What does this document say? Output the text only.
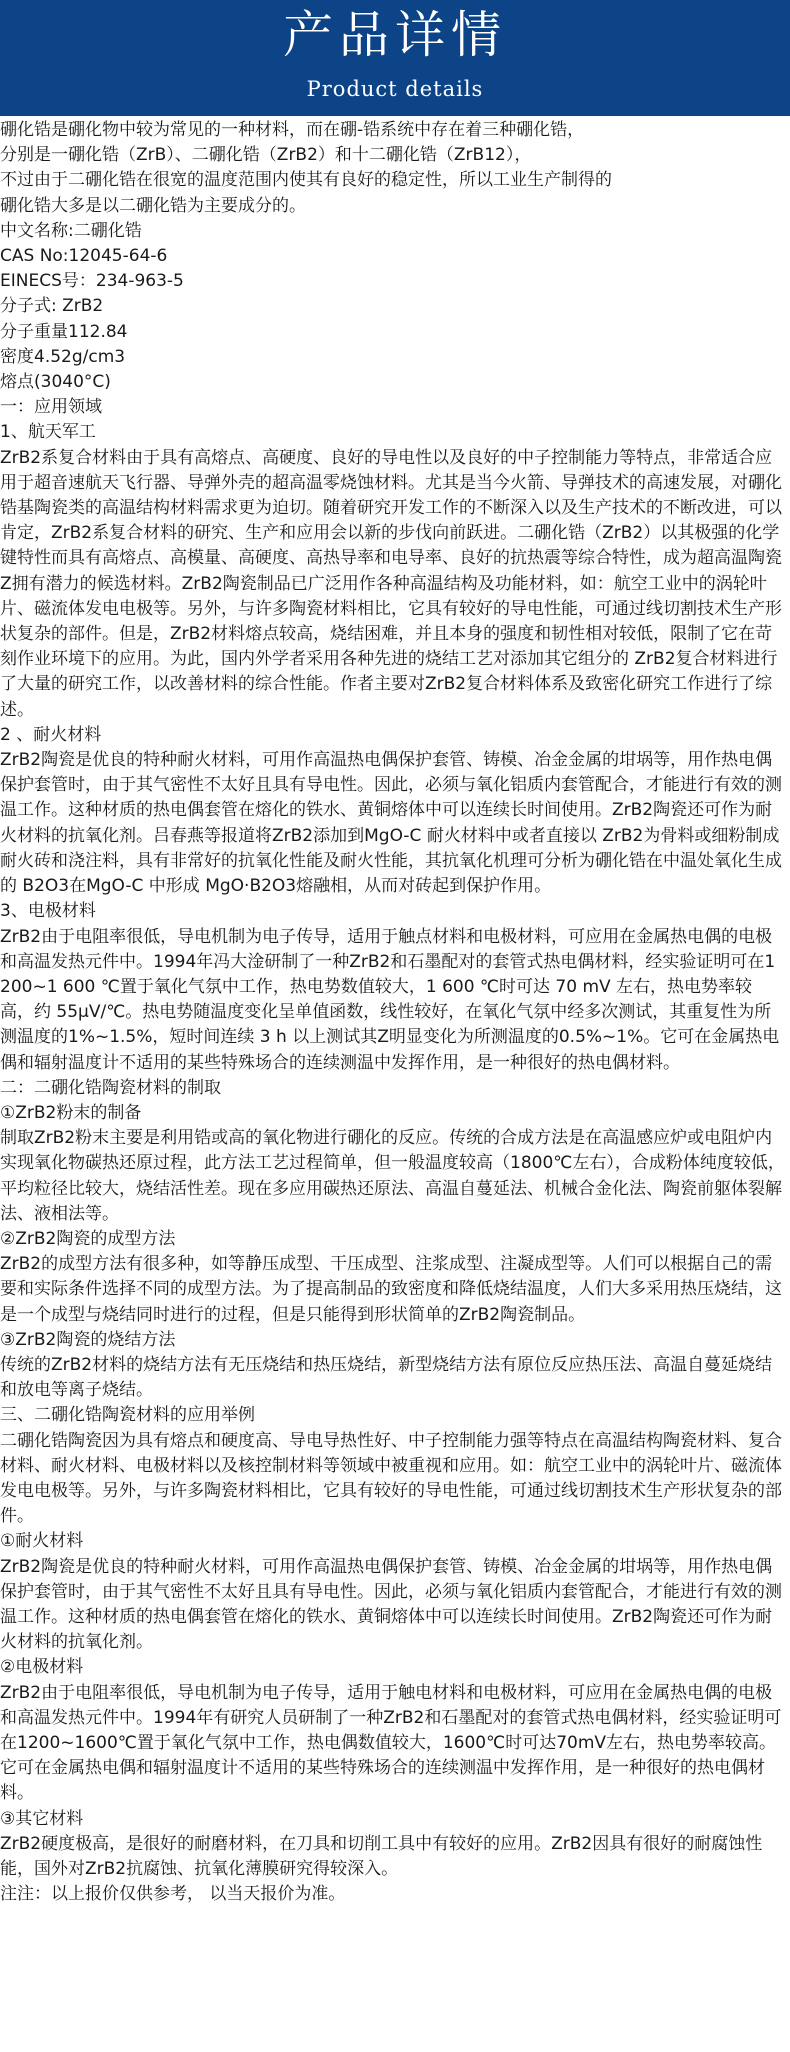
产品详情
Product details

硼化锆是硼化物中较为常见的一种材料，而在硼-锆系统中存在着三种硼化锆，

分别是一硼化锆（ZrB）、二硼化锆（ZrB2）和十二硼化锆（ZrB12），

不过由于二硼化锆在很宽的温度范围内使其有良好的稳定性，所以工业生产制得的

硼化锆大多是以二硼化锆为主要成分的。

中文名称:二硼化锆

CAS No:12045-64-6

EINECS号：234-963-5

分子式: ZrB2

分子重量112.84

密度4.52g/cm3

熔点(3040°C)

一：应用领域

1、航天军工

ZrB2系复合材料由于具有高熔点、高硬度、良好的导电性以及良好的中子控制能力等特点，非常适合应用于超音速航天飞行器、导弹外壳的超高温零烧蚀材料。尤其是当今火箭、导弹技术的高速发展，对硼化锆基陶瓷类的高温结构材料需求更为迫切。随着研究开发工作的不断深入以及生产技术的不断改进，可以肯定，ZrB2系复合材料的研究、生产和应用会以新的步伐向前跃进。二硼化锆（ZrB2）以其极强的化学键特性而具有高熔点、高模量、高硬度、高热导率和电导率、良好的抗热震等综合特性，成为超高温陶瓷Z拥有潜力的候选材料。ZrB2陶瓷制品已广泛用作各种高温结构及功能材料，如：航空工业中的涡轮叶片、磁流体发电电极等。另外，与许多陶瓷材料相比，它具有较好的导电性能，可通过线切割技术生产形状复杂的部件。但是，ZrB2材料熔点较高，烧结困难，并且本身的强度和韧性相对较低，限制了它在苛刻作业环境下的应用。为此，国内外学者采用各种先进的烧结工艺对添加其它组分的 ZrB2复合材料进行了大量的研究工作，以改善材料的综合性能。作者主要对ZrB2复合材料体系及致密化研究工作进行了综述。

2 、耐火材料

ZrB2陶瓷是优良的特种耐火材料，可用作高温热电偶保护套管、铸模、冶金金属的坩埚等，用作热电偶保护套管时，由于其气密性不太好且具有导电性。因此，必须与氧化铝质内套管配合，才能进行有效的测温工作。这种材质的热电偶套管在熔化的铁水、黄铜熔体中可以连续长时间使用。ZrB2陶瓷还可作为耐火材料的抗氧化剂。吕春燕等报道将ZrB2添加到MgO-C 耐火材料中或者直接以 ZrB2为骨料或细粉制成耐火砖和浇注料，具有非常好的抗氧化性能及耐火性能，其抗氧化机理可分析为硼化锆在中温处氧化生成的 B2O3在MgO-C 中形成 MgO·B2O3熔融相，从而对砖起到保护作用。

3、电极材料

ZrB2由于电阻率很低，导电机制为电子传导，适用于触点材料和电极材料，可应用在金属热电偶的电极和高温发热元件中。1994年冯大淦研制了一种ZrB2和石墨配对的套管式热电偶材料，经实验证明可在1 200~1 600 ℃置于氧化气氛中工作，热电势数值较大，1 600 ℃时可达 70 mV 左右，热电势率较高，约 55μV/℃。热电势随温度变化呈单值函数，线性较好，在氧化气氛中经多次测试，其重复性为所测温度的1%~1.5%，短时间连续 3 h 以上测试其Z明显变化为所测温度的0.5%~1%。它可在金属热电偶和辐射温度计不适用的某些特殊场合的连续测温中发挥作用，是一种很好的热电偶材料。

二：二硼化锆陶瓷材料的制取

①ZrB2粉末的制备

制取ZrB2粉末主要是利用锆或高的氧化物进行硼化的反应。传统的合成方法是在高温感应炉或电阻炉内实现氧化物碳热还原过程，此方法工艺过程简单，但一般温度较高（1800℃左右），合成粉体纯度较低，平均粒径比较大，烧结活性差。现在多应用碳热还原法、高温自蔓延法、机械合金化法、陶瓷前躯体裂解法、液相法等。

②ZrB2陶瓷的成型方法

ZrB2的成型方法有很多种，如等静压成型、干压成型、注浆成型、注凝成型等。人们可以根据自己的需要和实际条件选择不同的成型方法。为了提高制品的致密度和降低烧结温度，人们大多采用热压烧结，这是一个成型与烧结同时进行的过程，但是只能得到形状简单的ZrB2陶瓷制品。

③ZrB2陶瓷的烧结方法

传统的ZrB2材料的烧结方法有无压烧结和热压烧结，新型烧结方法有原位反应热压法、高温自蔓延烧结和放电等离子烧结。

三、二硼化锆陶瓷材料的应用举例

二硼化锆陶瓷因为具有熔点和硬度高、导电导热性好、中子控制能力强等特点在高温结构陶瓷材料、复合材料、耐火材料、电极材料以及核控制材料等领域中被重视和应用。如：航空工业中的涡轮叶片、磁流体发电电极等。另外，与许多陶瓷材料相比，它具有较好的导电性能，可通过线切割技术生产形状复杂的部件。

①耐火材料

ZrB2陶瓷是优良的特种耐火材料，可用作高温热电偶保护套管、铸模、冶金金属的坩埚等，用作热电偶保护套管时，由于其气密性不太好且具有导电性。因此，必须与氧化铝质内套管配合，才能进行有效的测温工作。这种材质的热电偶套管在熔化的铁水、黄铜熔体中可以连续长时间使用。ZrB2陶瓷还可作为耐火材料的抗氧化剂。

②电极材料

ZrB2由于电阻率很低，导电机制为电子传导，适用于触电材料和电极材料，可应用在金属热电偶的电极和高温发热元件中。1994年有研究人员研制了一种ZrB2和石墨配对的套管式热电偶材料，经实验证明可在1200~1600℃置于氧化气氛中工作，热电偶数值较大，1600℃时可达70mV左右，热电势率较高。它可在金属热电偶和辐射温度计不适用的某些特殊场合的连续测温中发挥作用，是一种很好的热电偶材料。

③其它材料

ZrB2硬度极高，是很好的耐磨材料，在刀具和切削工具中有较好的应用。ZrB2因具有很好的耐腐蚀性能，国外对ZrB2抗腐蚀、抗氧化薄膜研究得较深入。

注注：以上报价仅供参考， 以当天报价为准。
